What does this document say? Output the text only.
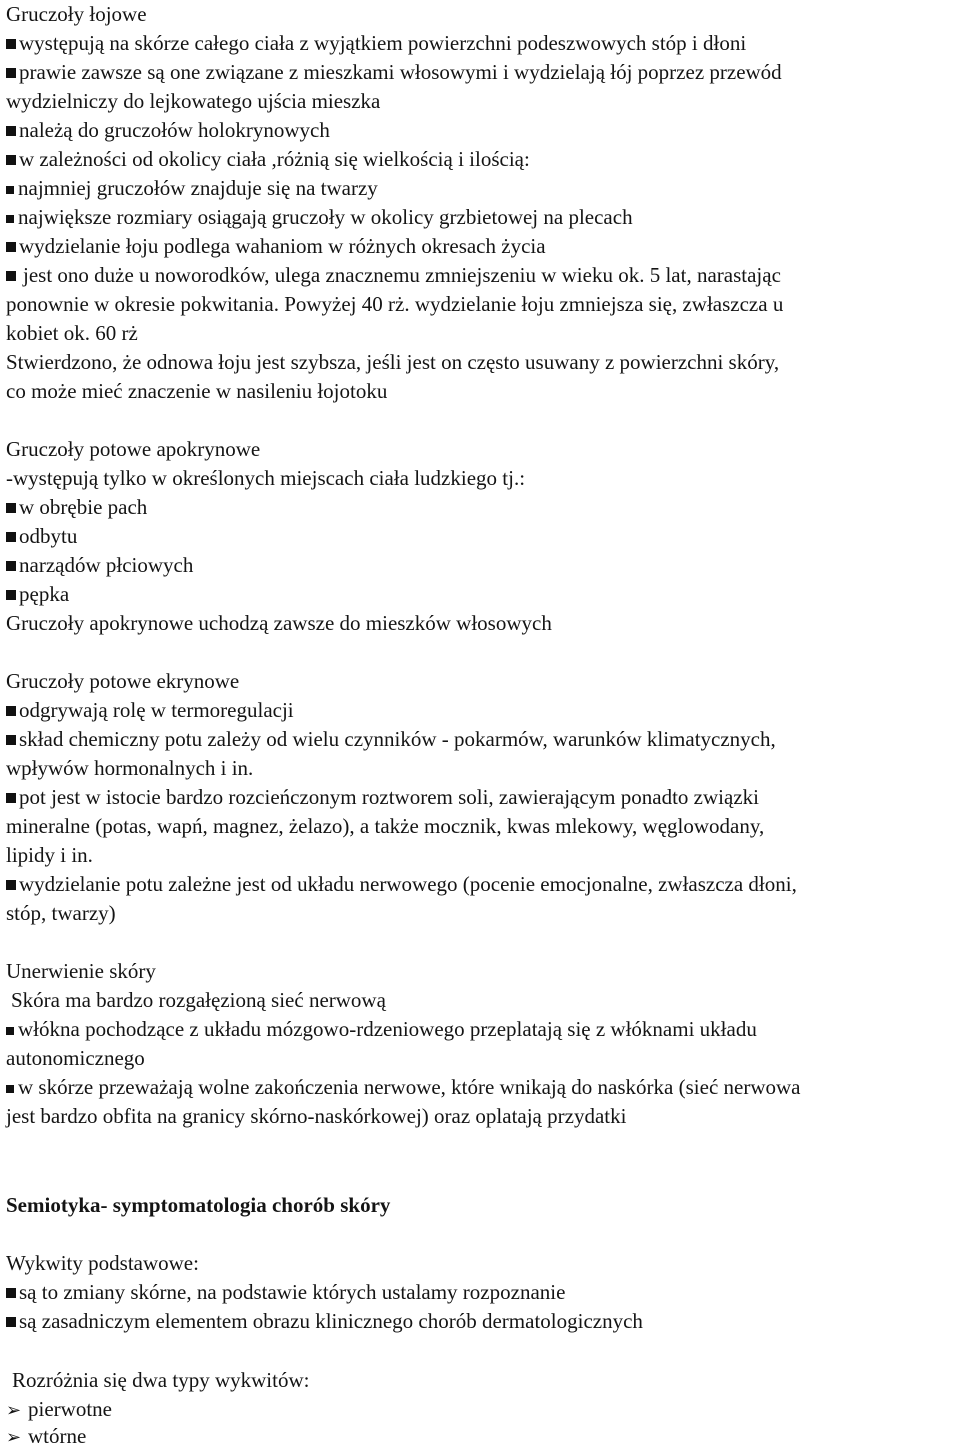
Gruczoły łojowe
występują na skórze całego ciała z wyjątkiem powierzchni podeszwowych stóp i dłoni
prawie zawsze są one związane z mieszkami włosowymi i wydzielają łój poprzez przewód
wydzielniczy do lejkowatego ujścia mieszka
należą do gruczołów holokrynowych
w zależności od okolicy ciała ,różnią się wielkością i ilością:
najmniej gruczołów znajduje się na twarzy
największe rozmiary osiągają gruczoły w okolicy grzbietowej na plecach
wydzielanie łoju podlega wahaniom w różnych okresach życia
jest ono duże u noworodków, ulega znacznemu zmniejszeniu w wieku ok. 5 lat, narastając
ponownie w okresie pokwitania. Powyżej 40 rż. wydzielanie łoju zmniejsza się, zwłaszcza u
kobiet ok. 60 rż
Stwierdzono, że odnowa łoju jest szybsza, jeśli jest on często usuwany z powierzchni skóry,
co może mieć znaczenie w nasileniu łojotoku
Gruczoły potowe apokrynowe
-występują tylko w określonych miejscach ciała ludzkiego tj.:
w obrębie pach
odbytu
narządów płciowych
pępka
Gruczoły apokrynowe uchodzą zawsze do mieszków włosowych
Gruczoły potowe ekrynowe
odgrywają rolę w termoregulacji
skład chemiczny potu zależy od wielu czynników - pokarmów, warunków klimatycznych,
wpływów hormonalnych i in.
pot jest w istocie bardzo rozcieńczonym roztworem soli, zawierającym ponadto związki
mineralne (potas, wapń, magnez, żelazo), a także mocznik, kwas mlekowy, węglowodany,
lipidy i in.
wydzielanie potu zależne jest od układu nerwowego (pocenie emocjonalne, zwłaszcza dłoni,
stóp, twarzy)
Unerwienie skóry
Skóra ma bardzo rozgałęzioną sieć nerwową
włókna pochodzące z układu mózgowo-rdzeniowego przeplatają się z włóknami układu
autonomicznego
w skórze przeważają wolne zakończenia nerwowe, które wnikają do naskórka (sieć nerwowa
jest bardzo obfita na granicy skórno-naskórkowej) oraz oplatają przydatki
Semiotyka- symptomatologia chorób skóry
Wykwity podstawowe:
są to zmiany skórne, na podstawie których ustalamy rozpoznanie
są zasadniczym elementem obrazu klinicznego chorób dermatologicznych
Rozróżnia się dwa typy wykwitów:
➢ pierwotne
➢ wtórne
